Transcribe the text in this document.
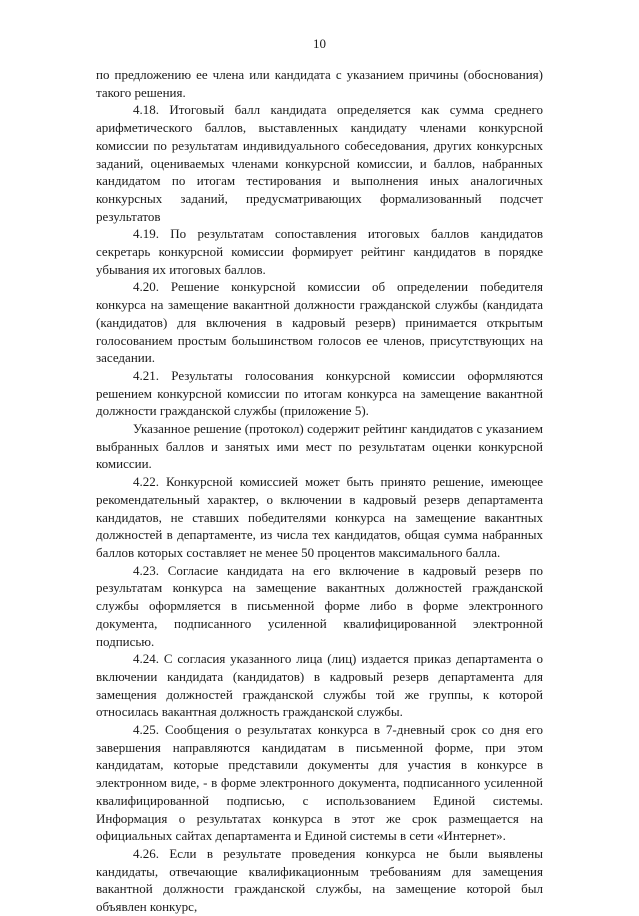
10

по предложению ее члена или кандидата с указанием причины (обоснования) такого решения.

4.18. Итоговый балл кандидата определяется как сумма среднего арифметического баллов, выставленных кандидату членами конкурсной комиссии по результатам индивидуального собеседования, других конкурсных заданий, оцениваемых членами конкурсной комиссии, и баллов, набранных кандидатом по итогам тестирования и выполнения иных аналогичных конкурсных заданий, предусматривающих формализованный подсчет результатов

4.19. По результатам сопоставления итоговых баллов кандидатов секретарь конкурсной комиссии формирует рейтинг кандидатов в порядке убывания их итоговых баллов.

4.20. Решение конкурсной комиссии об определении победителя конкурса на замещение вакантной должности гражданской службы (кандидата (кандидатов) для включения в кадровый резерв) принимается открытым голосованием простым большинством голосов ее членов, присутствующих на заседании.

4.21. Результаты голосования конкурсной комиссии оформляются решением конкурсной комиссии по итогам конкурса на замещение вакантной должности гражданской службы (приложение 5).

Указанное решение (протокол) содержит рейтинг кандидатов с указанием выбранных баллов и занятых ими мест по результатам оценки конкурсной комиссии.

4.22. Конкурсной комиссией может быть принято решение, имеющее рекомендательный характер, о включении в кадровый резерв департамента кандидатов, не ставших победителями конкурса на замещение вакантных должностей в департаменте, из числа тех кандидатов, общая сумма набранных баллов которых составляет не менее 50 процентов максимального балла.

4.23. Согласие кандидата на его включение в кадровый резерв по результатам конкурса на замещение вакантных должностей гражданской службы оформляется в письменной форме либо в форме электронного документа, подписанного усиленной квалифицированной электронной подписью.

4.24. С согласия указанного лица (лиц) издается приказ департамента о включении кандидата (кандидатов) в кадровый резерв департамента для замещения должностей гражданской службы той же группы, к которой относилась вакантная должность гражданской службы.

4.25. Сообщения о результатах конкурса в 7-дневный срок со дня его завершения направляются кандидатам в письменной форме, при этом кандидатам, которые представили документы для участия в конкурсе в электронном виде, - в форме электронного документа, подписанного усиленной квалифицированной подписью, с использованием Единой системы. Информация о результатах конкурса в этот же срок размещается на официальных сайтах департамента и Единой системы в сети «Интернет».

4.26. Если в результате проведения конкурса не были выявлены кандидаты, отвечающие квалификационным требованиям для замещения вакантной должности гражданской службы, на замещение которой был объявлен конкурс,
